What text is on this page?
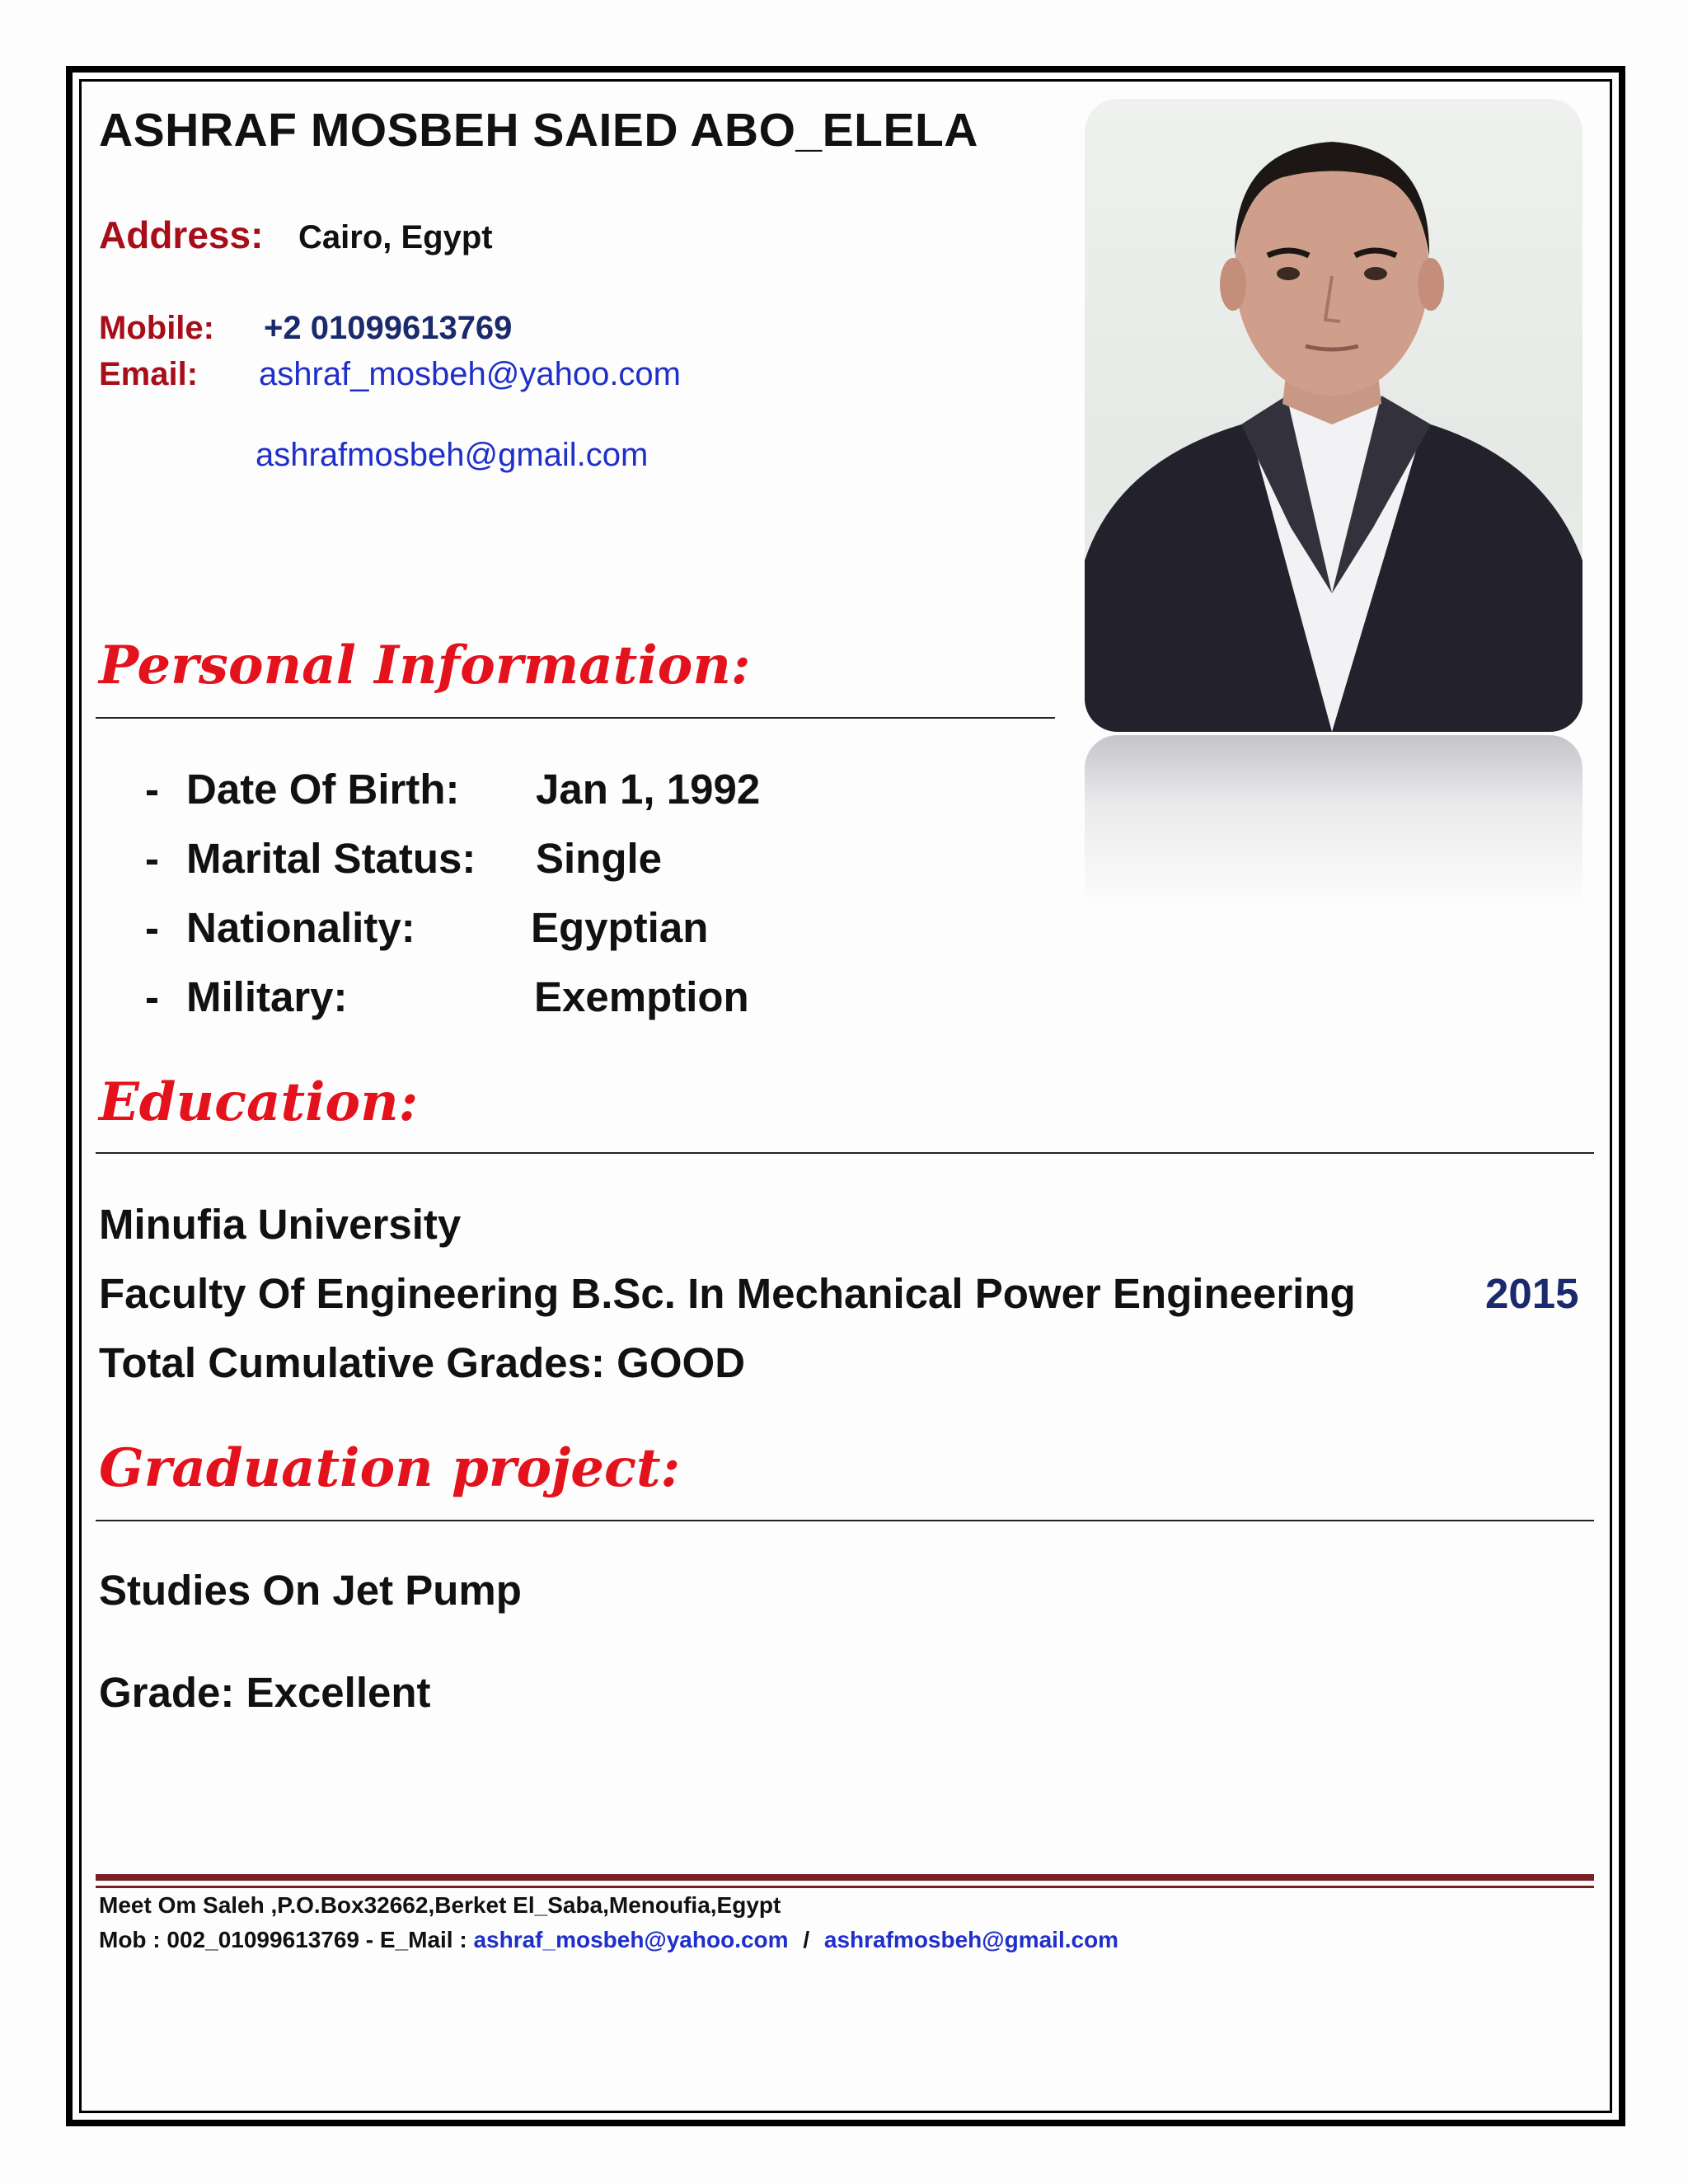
ASHRAF MOSBEH SAIED ABO_ELELA
Address: Cairo, Egypt
Mobile: +2 01099613769
Email: ashraf_mosbeh@yahoo.com
ashrafmosbeh@gmail.com
Personal Information:
- Date Of Birth: Jan 1, 1992
- Marital Status: Single
- Nationality:	Egyptian
- Military:	Exemption
Education:
Minufia University
Faculty Of Engineering B.Sc. In Mechanical Power Engineering	2015
Total Cumulative Grades: GOOD
Graduation project:
Studies On Jet Pump
Grade: Excellent
Meet Om Saleh ,P.O.Box32662,Berket El_Saba,Menoufia,Egypt
Mob : 002_01099613769 - E_Mail : ashraf_mosbeh@yahoo.com / ashrafmosbeh@gmail.com
